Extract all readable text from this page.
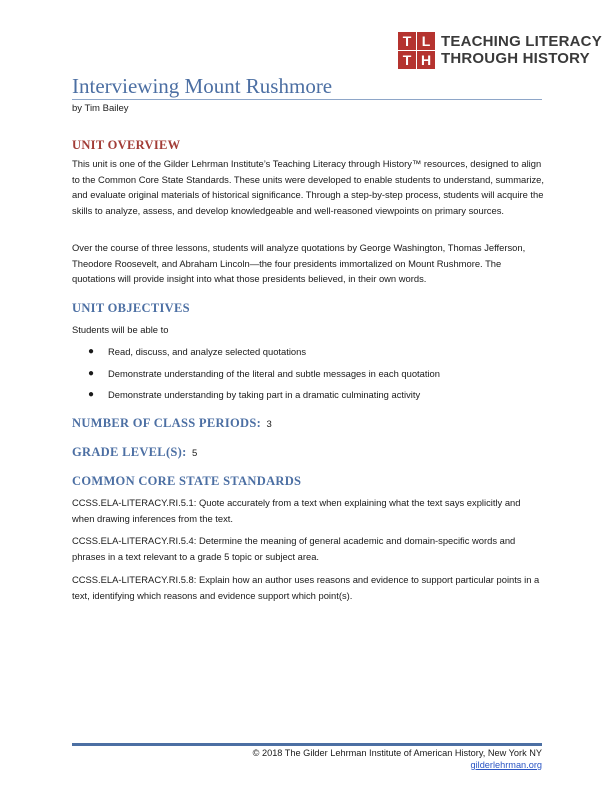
T L
T H
TEACHING LITERACY
THROUGH HISTORY
Interviewing Mount Rushmore
by Tim Bailey
UNIT OVERVIEW

This unit is one of the Gilder Lehrman Institute’s Teaching Literacy through History™ resources, designed to align to the Common Core State Standards. These units were developed to enable students to understand, summarize, and evaluate original materials of historical significance. Through a step-by-step process, students will acquire the skills to analyze, assess, and develop knowledgeable and well-reasoned viewpoints on primary sources.

Over the course of three lessons, students will analyze quotations by George Washington, Thomas Jefferson, Theodore Roosevelt, and Abraham Lincoln—the four presidents immortalized on Mount Rushmore. The quotations will provide insight into what those presidents believed, in their own words.

UNIT OBJECTIVES

Students will be able to

● Read, discuss, and analyze selected quotations
● Demonstrate understanding of the literal and subtle messages in each quotation
● Demonstrate understanding by taking part in a dramatic culminating activity
NUMBER OF CLASS PERIODS: 3
GRADE LEVEL(S): 5
COMMON CORE STATE STANDARDS

CCSS.ELA-LITERACY.RI.5.1: Quote accurately from a text when explaining what the text says explicitly and when drawing inferences from the text.

CCSS.ELA-LITERACY.RI.5.4: Determine the meaning of general academic and domain-specific words and phrases in a text relevant to a grade 5 topic or subject area.

CCSS.ELA-LITERACY.RI.5.8: Explain how an author uses reasons and evidence to support particular points in a text, identifying which reasons and evidence support which point(s).

© 2018 The Gilder Lehrman Institute of American History, New York NY
gilderlehrman.org
